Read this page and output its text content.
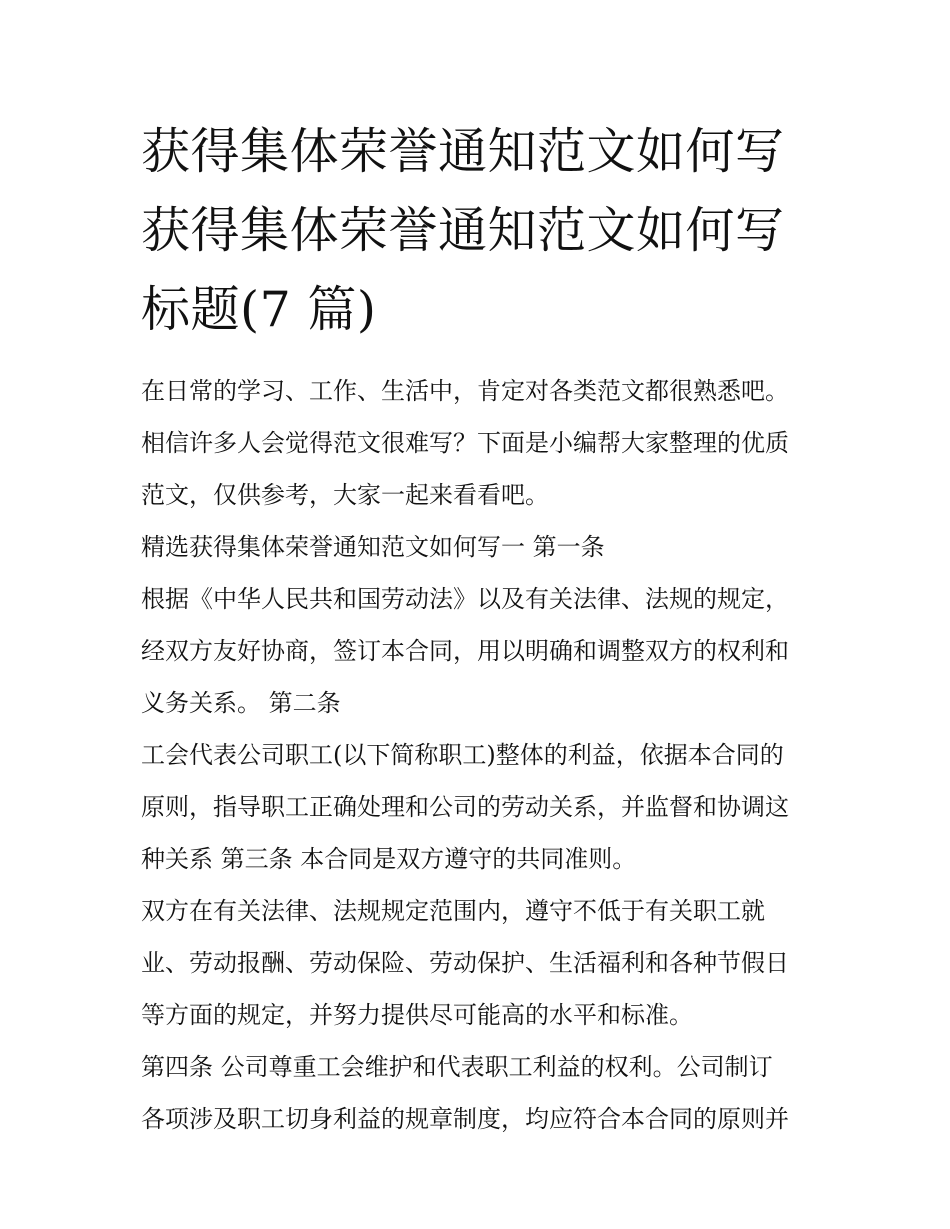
获得集体荣誉通知范文如何写
获得集体荣誉通知范文如何写
标题(7 篇)

在日常的学习、工作、生活中，肯定对各类范文都很熟悉吧。
相信许多人会觉得范文很难写？下面是小编帮大家整理的优质
范文，仅供参考，大家一起来看看吧。

精选获得集体荣誉通知范文如何写一 第一条

根据《中华人民共和国劳动法》以及有关法律、法规的规定，
经双方友好协商，签订本合同，用以明确和调整双方的权利和
义务关系。 第二条

工会代表公司职工(以下简称职工)整体的利益，依据本合同的
原则，指导职工正确处理和公司的劳动关系，并监督和协调这
种关系 第三条 本合同是双方遵守的共同准则。

双方在有关法律、法规规定范围内，遵守不低于有关职工就
业、劳动报酬、劳动保险、劳动保护、生活福利和各种节假日
等方面的规定，并努力提供尽可能高的水平和标准。

第四条 公司尊重工会维护和代表职工利益的权利。公司制订
各项涉及职工切身利益的规章制度，均应符合本合同的原则并
